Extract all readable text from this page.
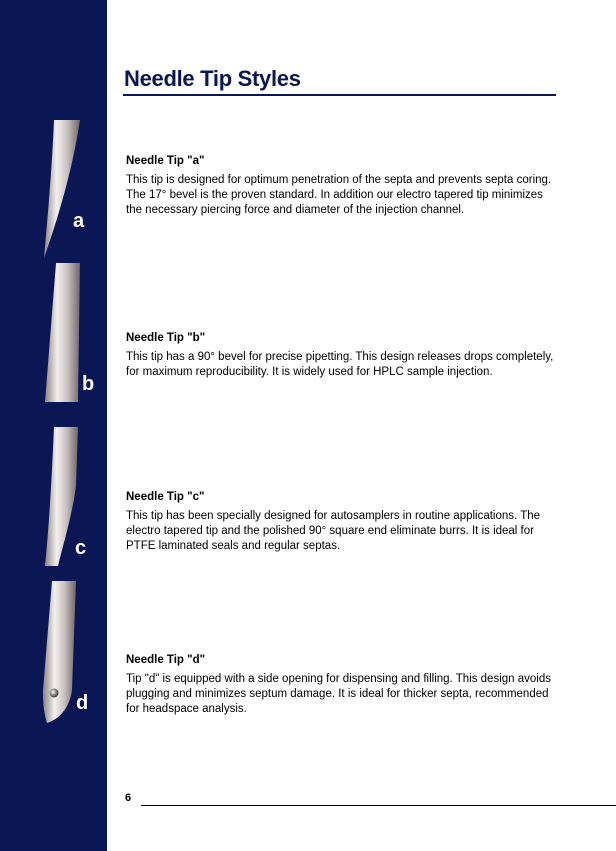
a
b
c
d
Needle Tip Styles
Needle Tip "a"

This tip is designed for optimum penetration of the septa and prevents septa coring. The 17° bevel is the proven standard. In addition our electro tapered tip minimizes the necessary piercing force and diameter of the injection channel.

Needle Tip "b"

This tip has a 90° bevel for precise pipetting. This design releases drops completely, for maximum reproducibility. It is widely used for HPLC sample injection.

Needle Tip "c"

This tip has been specially designed for autosamplers in routine applications. The electro tapered tip and the polished 90° square end eliminate burrs. It is ideal for PTFE laminated seals and regular septas.

Needle Tip "d"

Tip "d" is equipped with a side opening for dispensing and filling. This design avoids plugging and minimizes septum damage. It is ideal for thicker septa, recommended for headspace analysis.

6
